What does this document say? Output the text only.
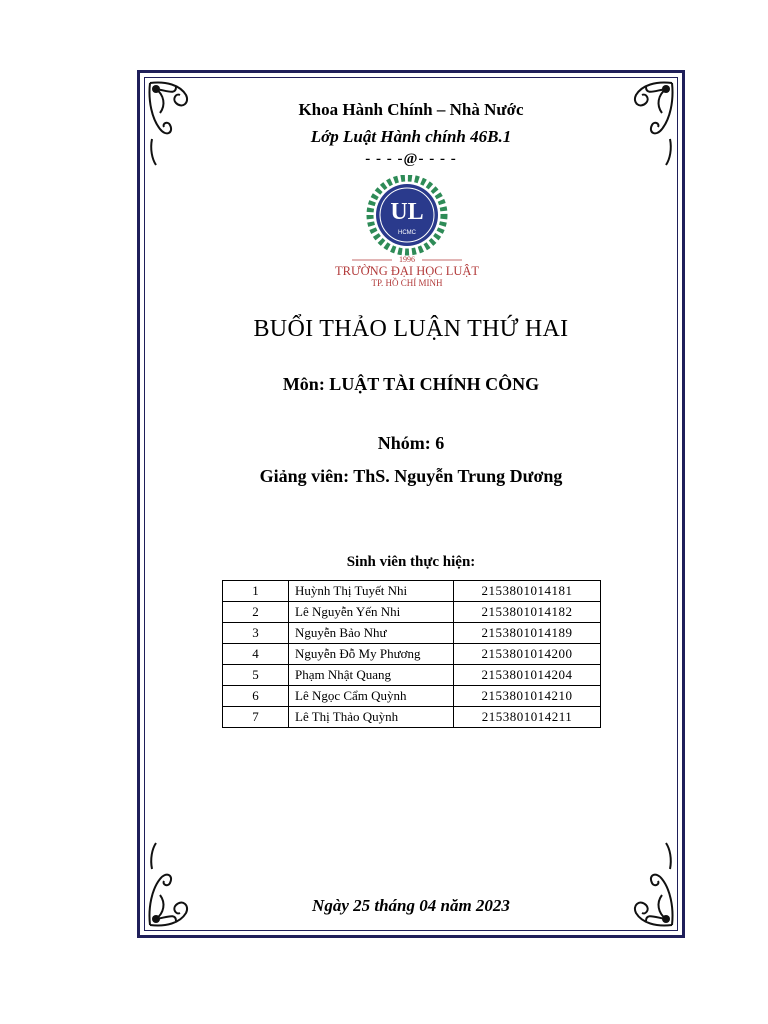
Khoa Hành Chính – Nhà Nước
Lớp Luật Hành chính 46B.1
- - - -@- - - -
UL
HCMC
1996
TRƯỜNG ĐẠI HỌC LUẬT
TP. HỒ CHÍ MINH
BUỔI THẢO LUẬN THỨ HAI
Môn: LUẬT TÀI CHÍNH CÔNG
Nhóm: 6
Giảng viên: ThS. Nguyễn Trung Dương
Sinh viên thực hiện:
1	Huỳnh Thị Tuyết Nhi	2153801014181
2	Lê Nguyễn Yến Nhi	2153801014182
3	Nguyễn Bảo Như	2153801014189
4	Nguyễn Đỗ My Phương	2153801014200
5	Phạm Nhật Quang	2153801014204
6	Lê Ngọc Cẩm Quỳnh	2153801014210
7	Lê Thị Thảo Quỳnh	2153801014211
Ngày 25 tháng 04 năm 2023
